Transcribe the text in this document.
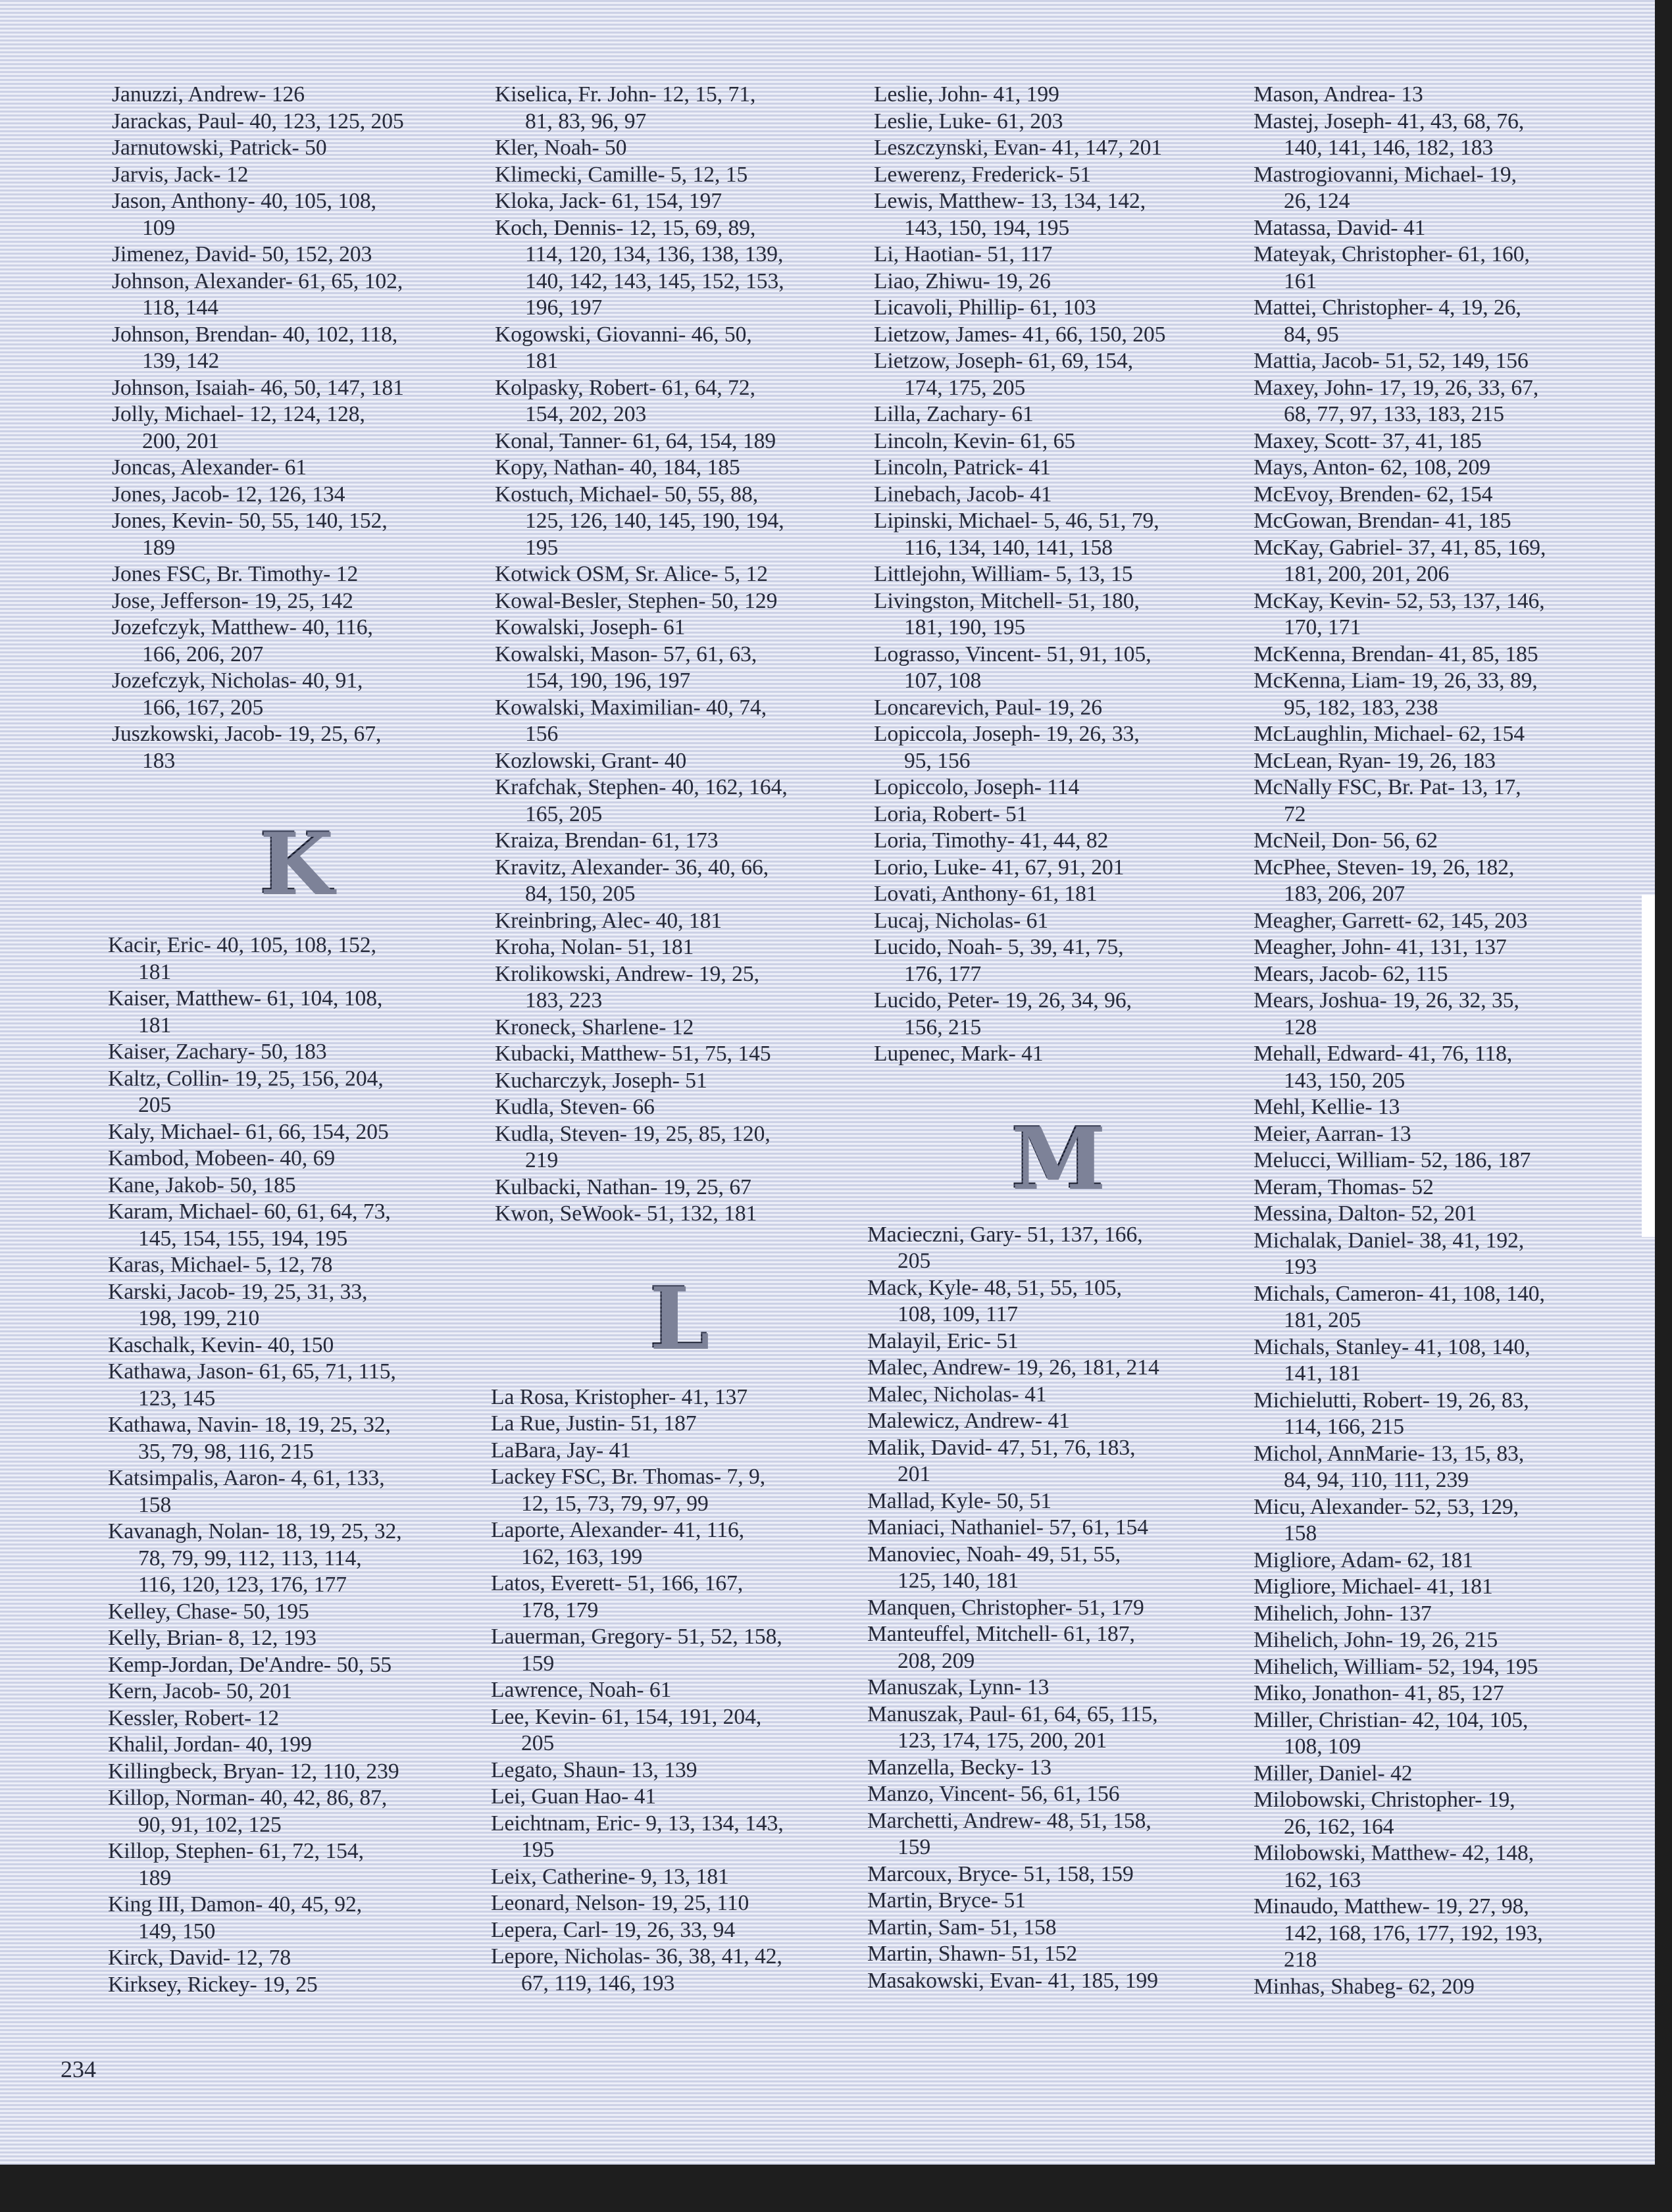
Januzzi, Andrew- 126

Jarackas, Paul- 40, 123, 125, 205

Jarnutowski, Patrick- 50

Jarvis, Jack- 12

Jason, Anthony- 40, 105, 108,
109

Jimenez, David- 50, 152, 203

Johnson, Alexander- 61, 65, 102,
118, 144

Johnson, Brendan- 40, 102, 118,
139, 142

Johnson, Isaiah- 46, 50, 147, 181

Jolly, Michael- 12, 124, 128,
200, 201

Joncas, Alexander- 61

Jones, Jacob- 12, 126, 134

Jones, Kevin- 50, 55, 140, 152,
189

Jones FSC, Br. Timothy- 12

Jose, Jefferson- 19, 25, 142

Jozefczyk, Matthew- 40, 116,
166, 206, 207

Jozefczyk, Nicholas- 40, 91,
166, 167, 205

Juszkowski, Jacob- 19, 25, 67,
183

K

Kacir, Eric- 40, 105, 108, 152,
181

Kaiser, Matthew- 61, 104, 108,
181

Kaiser, Zachary- 50, 183

Kaltz, Collin- 19, 25, 156, 204,
205

Kaly, Michael- 61, 66, 154, 205

Kambod, Mobeen- 40, 69

Kane, Jakob- 50, 185

Karam, Michael- 60, 61, 64, 73,
145, 154, 155, 194, 195

Karas, Michael- 5, 12, 78

Karski, Jacob- 19, 25, 31, 33,
198, 199, 210

Kaschalk, Kevin- 40, 150

Kathawa, Jason- 61, 65, 71, 115,
123, 145

Kathawa, Navin- 18, 19, 25, 32,
35, 79, 98, 116, 215

Katsimpalis, Aaron- 4, 61, 133,
158

Kavanagh, Nolan- 18, 19, 25, 32,
78, 79, 99, 112, 113, 114,
116, 120, 123, 176, 177

Kelley, Chase- 50, 195

Kelly, Brian- 8, 12, 193

Kemp-Jordan, De'Andre- 50, 55

Kern, Jacob- 50, 201

Kessler, Robert- 12

Khalil, Jordan- 40, 199

Killingbeck, Bryan- 12, 110, 239

Killop, Norman- 40, 42, 86, 87,
90, 91, 102, 125

Killop, Stephen- 61, 72, 154,
189

King III, Damon- 40, 45, 92,
149, 150

Kirck, David- 12, 78

Kirksey, Rickey- 19, 25

Kiselica, Fr. John- 12, 15, 71,
81, 83, 96, 97

Kler, Noah- 50

Klimecki, Camille- 5, 12, 15

Kloka, Jack- 61, 154, 197

Koch, Dennis- 12, 15, 69, 89,
114, 120, 134, 136, 138, 139,
140, 142, 143, 145, 152, 153,
196, 197

Kogowski, Giovanni- 46, 50,
181

Kolpasky, Robert- 61, 64, 72,
154, 202, 203

Konal, Tanner- 61, 64, 154, 189

Kopy, Nathan- 40, 184, 185

Kostuch, Michael- 50, 55, 88,
125, 126, 140, 145, 190, 194,
195

Kotwick OSM, Sr. Alice- 5, 12

Kowal-Besler, Stephen- 50, 129

Kowalski, Joseph- 61

Kowalski, Mason- 57, 61, 63,
154, 190, 196, 197

Kowalski, Maximilian- 40, 74,
156

Kozlowski, Grant- 40

Krafchak, Stephen- 40, 162, 164,
165, 205

Kraiza, Brendan- 61, 173

Kravitz, Alexander- 36, 40, 66,
84, 150, 205

Kreinbring, Alec- 40, 181

Kroha, Nolan- 51, 181

Krolikowski, Andrew- 19, 25,
183, 223

Kroneck, Sharlene- 12

Kubacki, Matthew- 51, 75, 145

Kucharczyk, Joseph- 51

Kudla, Steven- 66

Kudla, Steven- 19, 25, 85, 120,
219

Kulbacki, Nathan- 19, 25, 67

Kwon, SeWook- 51, 132, 181

L

La Rosa, Kristopher- 41, 137

La Rue, Justin- 51, 187

LaBara, Jay- 41

Lackey FSC, Br. Thomas- 7, 9,
12, 15, 73, 79, 97, 99

Laporte, Alexander- 41, 116,
162, 163, 199

Latos, Everett- 51, 166, 167,
178, 179

Lauerman, Gregory- 51, 52, 158,
159

Lawrence, Noah- 61

Lee, Kevin- 61, 154, 191, 204,
205

Legato, Shaun- 13, 139

Lei, Guan Hao- 41

Leichtnam, Eric- 9, 13, 134, 143,
195

Leix, Catherine- 9, 13, 181

Leonard, Nelson- 19, 25, 110

Lepera, Carl- 19, 26, 33, 94

Lepore, Nicholas- 36, 38, 41, 42,
67, 119, 146, 193

Leslie, John- 41, 199

Leslie, Luke- 61, 203

Leszczynski, Evan- 41, 147, 201

Lewerenz, Frederick- 51

Lewis, Matthew- 13, 134, 142,
143, 150, 194, 195

Li, Haotian- 51, 117

Liao, Zhiwu- 19, 26

Licavoli, Phillip- 61, 103

Lietzow, James- 41, 66, 150, 205

Lietzow, Joseph- 61, 69, 154,
174, 175, 205

Lilla, Zachary- 61

Lincoln, Kevin- 61, 65

Lincoln, Patrick- 41

Linebach, Jacob- 41

Lipinski, Michael- 5, 46, 51, 79,
116, 134, 140, 141, 158

Littlejohn, William- 5, 13, 15

Livingston, Mitchell- 51, 180,
181, 190, 195

Lograsso, Vincent- 51, 91, 105,
107, 108

Loncarevich, Paul- 19, 26

Lopiccola, Joseph- 19, 26, 33,
95, 156

Lopiccolo, Joseph- 114

Loria, Robert- 51

Loria, Timothy- 41, 44, 82

Lorio, Luke- 41, 67, 91, 201

Lovati, Anthony- 61, 181

Lucaj, Nicholas- 61

Lucido, Noah- 5, 39, 41, 75,
176, 177

Lucido, Peter- 19, 26, 34, 96,
156, 215

Lupenec, Mark- 41

M

Macieczni, Gary- 51, 137, 166,
205

Mack, Kyle- 48, 51, 55, 105,
108, 109, 117

Malayil, Eric- 51

Malec, Andrew- 19, 26, 181, 214

Malec, Nicholas- 41

Malewicz, Andrew- 41

Malik, David- 47, 51, 76, 183,
201

Mallad, Kyle- 50, 51

Maniaci, Nathaniel- 57, 61, 154

Manoviec, Noah- 49, 51, 55,
125, 140, 181

Manquen, Christopher- 51, 179

Manteuffel, Mitchell- 61, 187,
208, 209

Manuszak, Lynn- 13

Manuszak, Paul- 61, 64, 65, 115,
123, 174, 175, 200, 201

Manzella, Becky- 13

Manzo, Vincent- 56, 61, 156

Marchetti, Andrew- 48, 51, 158,
159

Marcoux, Bryce- 51, 158, 159

Martin, Bryce- 51

Martin, Sam- 51, 158

Martin, Shawn- 51, 152

Masakowski, Evan- 41, 185, 199

Mason, Andrea- 13

Mastej, Joseph- 41, 43, 68, 76,
140, 141, 146, 182, 183

Mastrogiovanni, Michael- 19,
26, 124

Matassa, David- 41

Mateyak, Christopher- 61, 160,
161

Mattei, Christopher- 4, 19, 26,
84, 95

Mattia, Jacob- 51, 52, 149, 156

Maxey, John- 17, 19, 26, 33, 67,
68, 77, 97, 133, 183, 215

Maxey, Scott- 37, 41, 185

Mays, Anton- 62, 108, 209

McEvoy, Brenden- 62, 154

McGowan, Brendan- 41, 185

McKay, Gabriel- 37, 41, 85, 169,
181, 200, 201, 206

McKay, Kevin- 52, 53, 137, 146,
170, 171

McKenna, Brendan- 41, 85, 185

McKenna, Liam- 19, 26, 33, 89,
95, 182, 183, 238

McLaughlin, Michael- 62, 154

McLean, Ryan- 19, 26, 183

McNally FSC, Br. Pat- 13, 17,
72

McNeil, Don- 56, 62

McPhee, Steven- 19, 26, 182,
183, 206, 207

Meagher, Garrett- 62, 145, 203

Meagher, John- 41, 131, 137

Mears, Jacob- 62, 115

Mears, Joshua- 19, 26, 32, 35,
128

Mehall, Edward- 41, 76, 118,
143, 150, 205

Mehl, Kellie- 13

Meier, Aarran- 13

Melucci, William- 52, 186, 187

Meram, Thomas- 52

Messina, Dalton- 52, 201

Michalak, Daniel- 38, 41, 192,
193

Michals, Cameron- 41, 108, 140,
181, 205

Michals, Stanley- 41, 108, 140,
141, 181

Michielutti, Robert- 19, 26, 83,
114, 166, 215

Michol, AnnMarie- 13, 15, 83,
84, 94, 110, 111, 239

Micu, Alexander- 52, 53, 129,
158

Migliore, Adam- 62, 181

Migliore, Michael- 41, 181

Mihelich, John- 137

Mihelich, John- 19, 26, 215

Mihelich, William- 52, 194, 195

Miko, Jonathon- 41, 85, 127

Miller, Christian- 42, 104, 105,
108, 109

Miller, Daniel- 42

Milobowski, Christopher- 19,
26, 162, 164

Milobowski, Matthew- 42, 148,
162, 163

Minaudo, Matthew- 19, 27, 98,
142, 168, 176, 177, 192, 193,
218

Minhas, Shabeg- 62, 209

234
